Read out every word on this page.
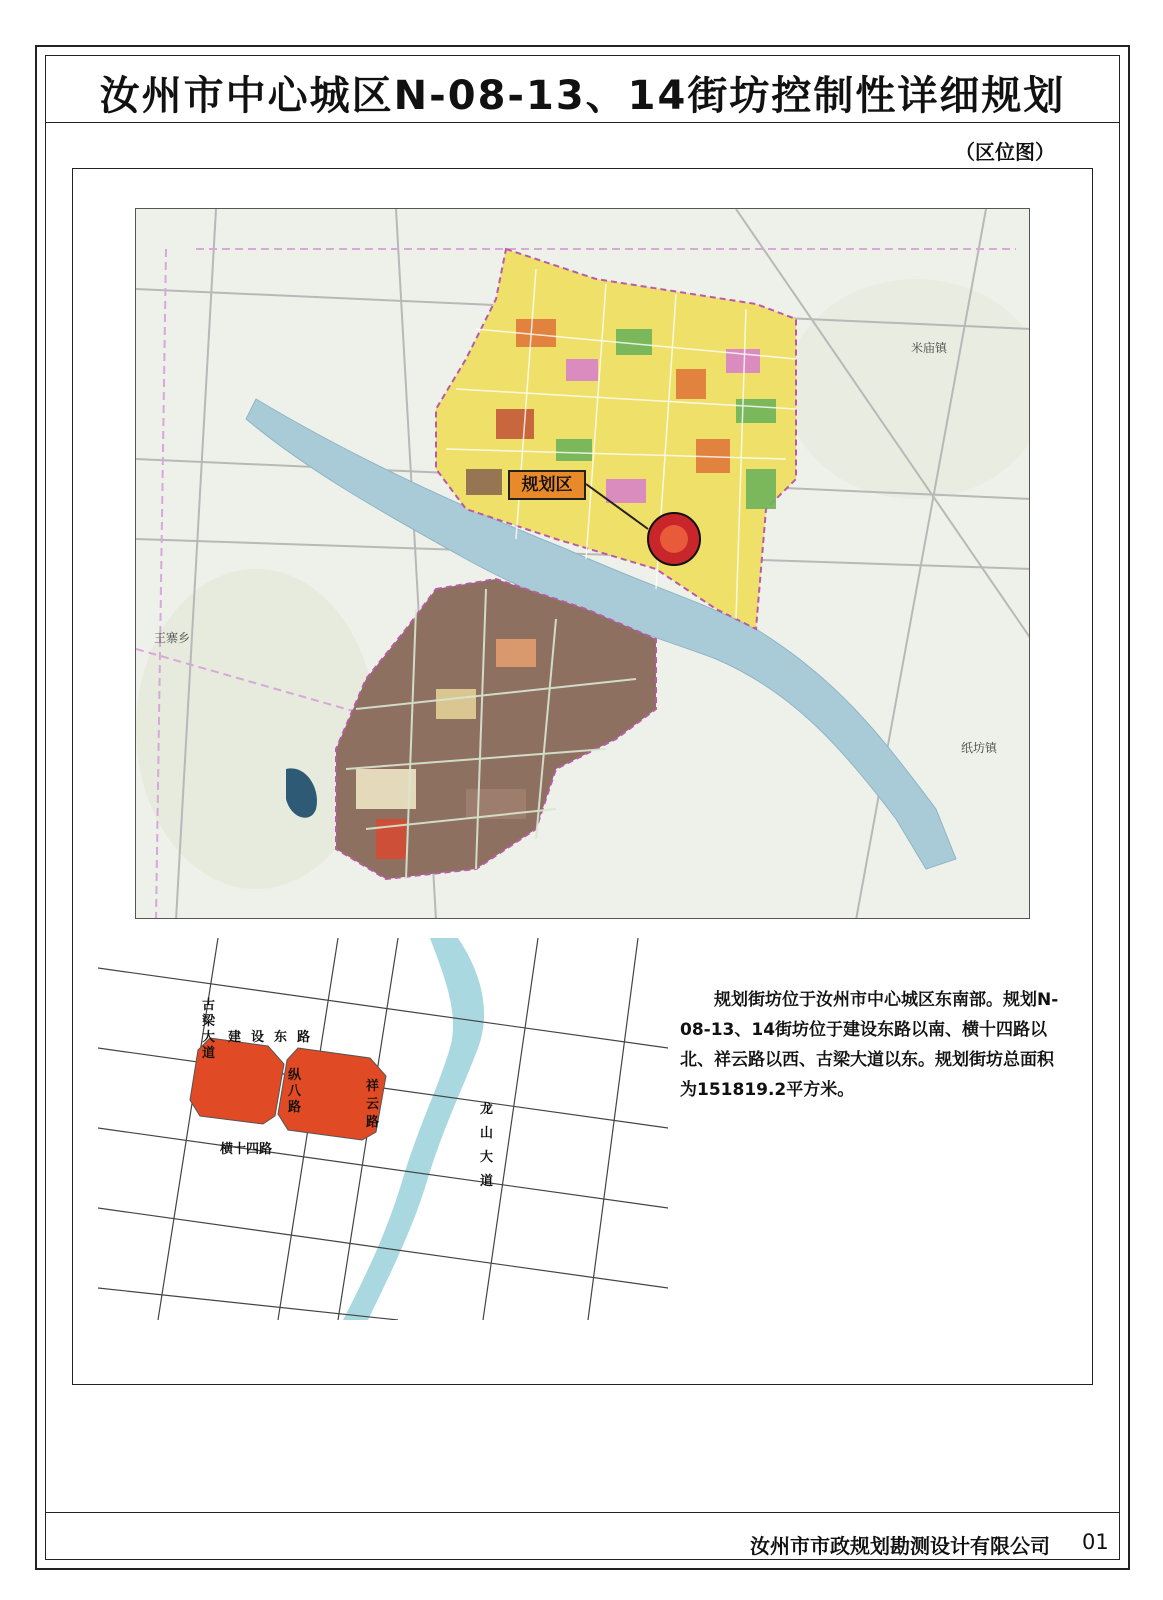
汝州市中心城区N-08-13、14街坊控制性详细规划
（区位图）
米庙镇
纸坊镇
王寨乡
规划区
古梁大道
建设东路
纵八路
祥云路
横十四路
龙山大道
规划街坊位于汝州市中心城区东南部。规划N-08-13、14街坊位于建设东路以南、横十四路以北、祥云路以西、古梁大道以东。规划街坊总面积为151819.2平方米。
汝州市市政规划勘测设计有限公司 01
